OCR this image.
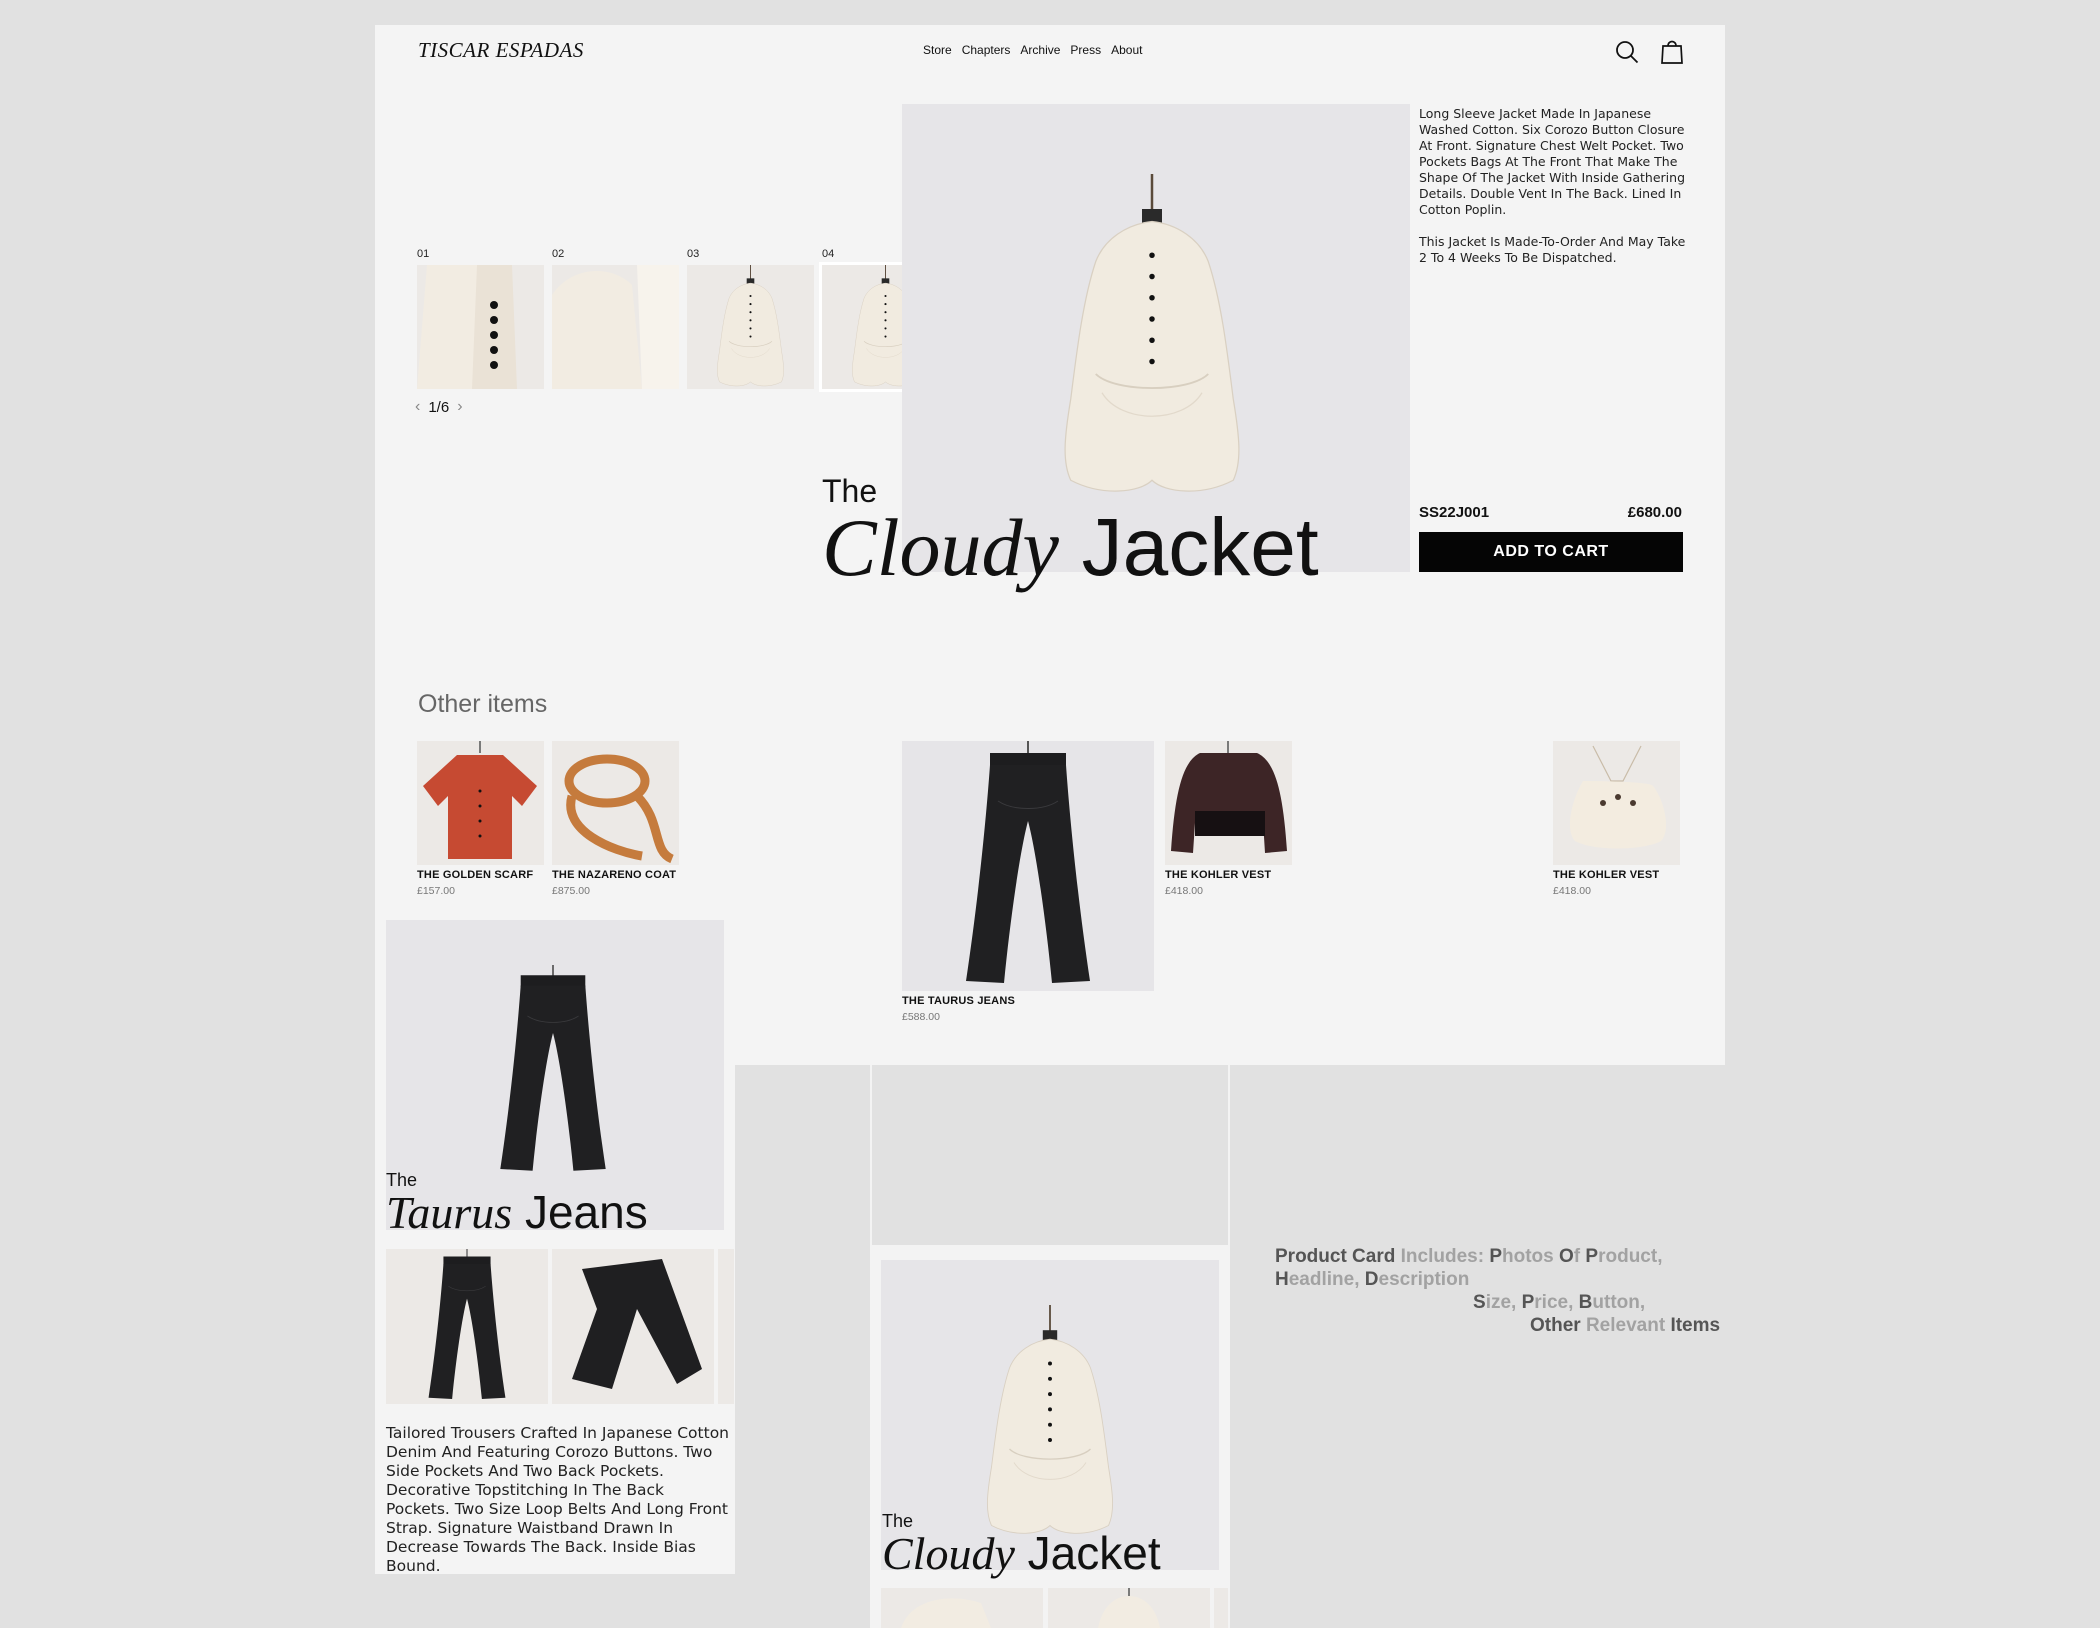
TISCAR ESPADAS	Store Chapters Archive Press About
01	02	03	04
‹ 1/6 ›
The
Cloudy Jacket

Long Sleeve Jacket Made In Japanese Washed Cotton. Six Corozo Button Closure At Front. Signature Chest Welt Pocket. Two Pockets Bags At The Front That Make The Shape Of The Jacket With Inside Gathering Details. Double Vent In The Back. Lined In Cotton Poplin.

This Jacket Is Made-To-Order And May Take 2 To 4 Weeks To Be Dispatched.

SS22J001	£680.00
ADD TO CART
Other items
THE GOLDEN SCARF
£157.00
THE NAZARENO COAT
£875.00
THE TAURUS JEANS
£588.00
THE KOHLER VEST
£418.00
THE KOHLER VEST
£418.00
The
Taurus Jeans
Tailored Trousers Crafted In Japanese Cotton Denim And Featuring Corozo Buttons. Two Side Pockets And Two Back Pockets. Decorative Topstitching In The Back Pockets. Two Size Loop Belts And Long Front Strap. Signature Waistband Drawn In Decrease Towards The Back. Inside Bias Bound.
The
Cloudy Jacket
Product Card Includes: Photos Of Product,
Headline, Description
Size, Price, Button,
Other Relevant Items
